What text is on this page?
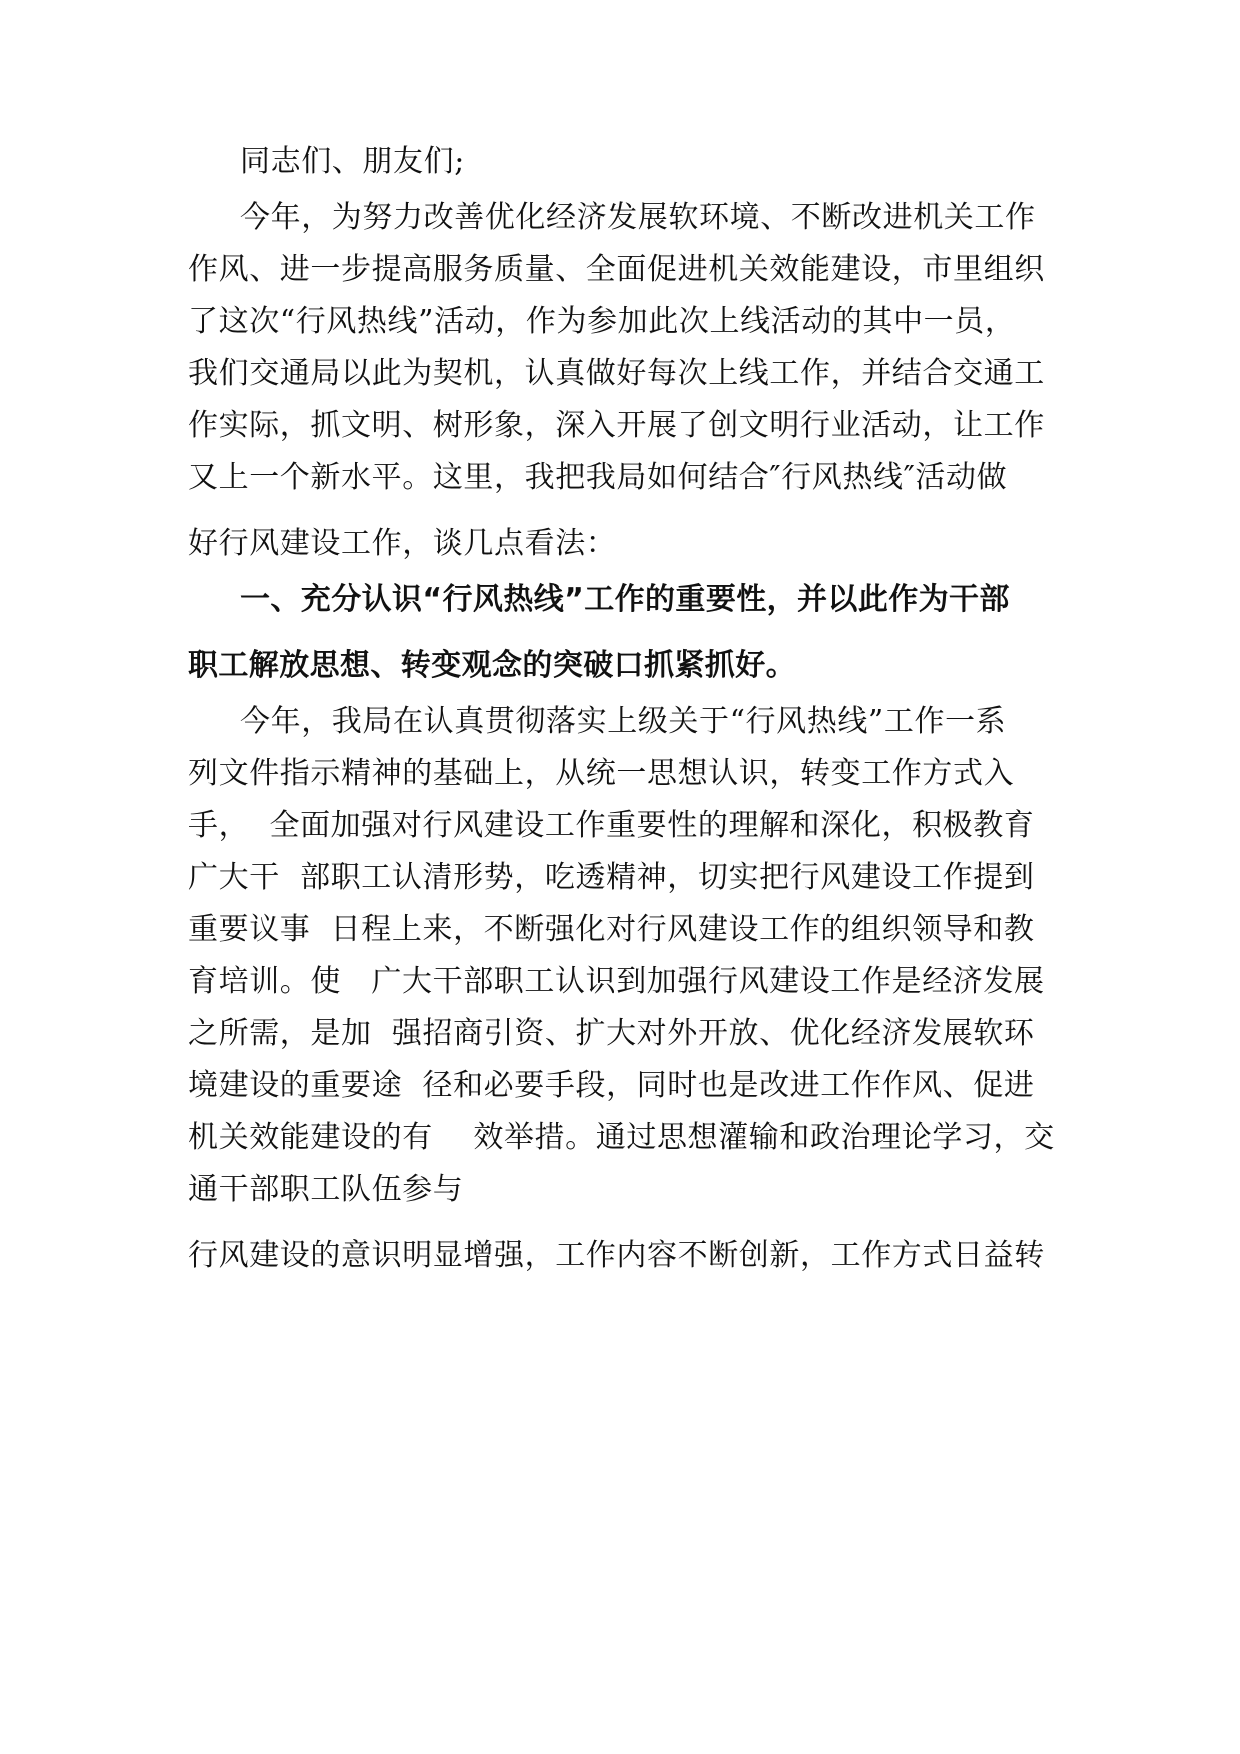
同志们、朋友们;

今年，为努力改善优化经济发展软环境、不断改进机关工作

作风、进一步提高服务质量、全面促进机关效能建设，市里组织

了这次“行风热线”活动，作为参加此次上线活动的其中一员，

我们交通局以此为契机，认真做好每次上线工作，并结合交通工

作实际，抓文明、树形象，深入开展了创文明行业活动，让工作

又上一个新水平。这里，我把我局如何结合″行风热线″活动做

好行风建设工作，谈几点看法：

一、充分认识“行风热线”工作的重要性，并以此作为干部

职工解放思想、转变观念的突破口抓紧抓好。

今年，我局在认真贯彻落实上级关于“行风热线”工作一系

列文件指示精神的基础上，从统一思想认识，转变工作方式入

手，  全面加强对行风建设工作重要性的理解和深化，积极教育

广大干  部职工认清形势，吃透精神，切实把行风建设工作提到

重要议事  日程上来，不断强化对行风建设工作的组织领导和教

育培训。使   广大干部职工认识到加强行风建设工作是经济发展

之所需，是加  强招商引资、扩大对外开放、优化经济发展软环

境建设的重要途  径和必要手段，同时也是改进工作作风、促进

机关效能建设的有    效举措。通过思想灌输和政治理论学习，交

通干部职工队伍参与

行风建设的意识明显增强，工作内容不断创新，工作方式日益转
